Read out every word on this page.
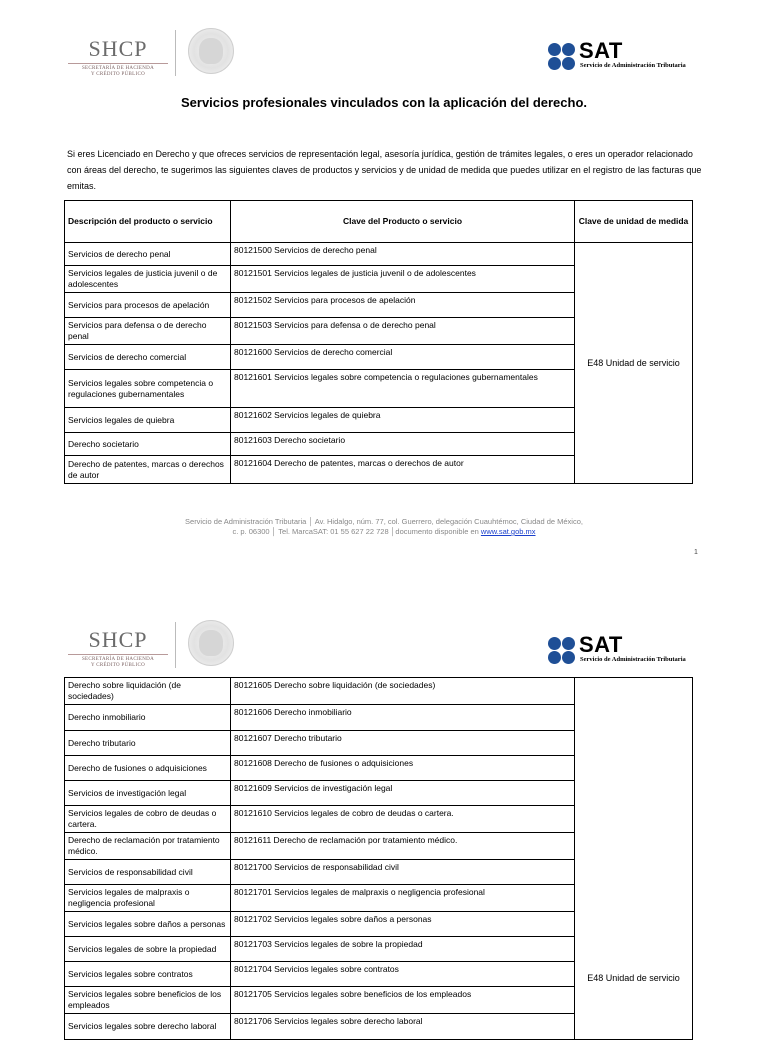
SHCP
SECRETARÍA DE HACIENDA
Y CRÉDITO PÚBLICO
SAT
Servicio de Administración Tributaria
Servicios profesionales vinculados con la aplicación del derecho.
Si eres Licenciado en Derecho y que ofreces servicios de representación legal, asesoría jurídica, gestión de trámites legales, o eres un operador relacionado con áreas del derecho, te sugerimos las siguientes claves de productos y servicios y de unidad de medida que puedes utilizar en el registro de las facturas que emitas.
Descripción del producto o servicio	Clave del Producto o servicio	Clave de unidad de medida
Servicios de derecho penal	80121500 Servicios de derecho penal	E48 Unidad de servicio
Servicios legales de justicia juvenil o de adolescentes	80121501 Servicios legales de justicia juvenil o de adolescentes	
Servicios para procesos de apelación	80121502 Servicios para procesos de apelación	
Servicios para defensa o de derecho penal	80121503 Servicios para defensa o de derecho penal	
Servicios de derecho comercial	80121600 Servicios de derecho comercial	
Servicios legales sobre competencia o regulaciones gubernamentales	80121601 Servicios legales sobre competencia o regulaciones gubernamentales	
Servicios legales de quiebra	80121602 Servicios legales de quiebra	
Derecho societario	80121603 Derecho societario	
Derecho de patentes, marcas o derechos de autor	80121604 Derecho de patentes, marcas o derechos de autor	
Servicio de Administración Tributaria │ Av. Hidalgo, núm. 77, col. Guerrero, delegación Cuauhtémoc, Ciudad de México,
c. p. 06300 │ Tel. MarcaSAT: 01 55 627 22 728 │documento disponible en www.sat.gob.mx
1
SHCP
SECRETARÍA DE HACIENDA
Y CRÉDITO PÚBLICO
SAT
Servicio de Administración Tributaria
Derecho sobre liquidación (de sociedades)	80121605 Derecho sobre liquidación (de sociedades)	E48 Unidad de servicio
Derecho inmobiliario	80121606 Derecho inmobiliario	
Derecho tributario	80121607 Derecho tributario	
Derecho de fusiones o adquisiciones	80121608 Derecho de fusiones o adquisiciones	
Servicios de investigación legal	80121609 Servicios de investigación legal	
Servicios legales de cobro de deudas o cartera.	80121610 Servicios legales de cobro de deudas o cartera.	
Derecho de reclamación por tratamiento médico.	80121611 Derecho de reclamación por tratamiento médico.	
Servicios de responsabilidad civil	80121700 Servicios de responsabilidad civil	
Servicios legales de malpraxis o negligencia profesional	80121701 Servicios legales de malpraxis o negligencia profesional	
Servicios legales sobre daños a personas	80121702 Servicios legales sobre daños a personas	
Servicios legales de sobre la propiedad	80121703 Servicios legales de sobre la propiedad	
Servicios legales sobre contratos	80121704 Servicios legales sobre contratos	
Servicios legales sobre beneficios de los empleados	80121705 Servicios legales sobre beneficios de los empleados	
Servicios legales sobre derecho laboral	80121706 Servicios legales sobre derecho laboral	
